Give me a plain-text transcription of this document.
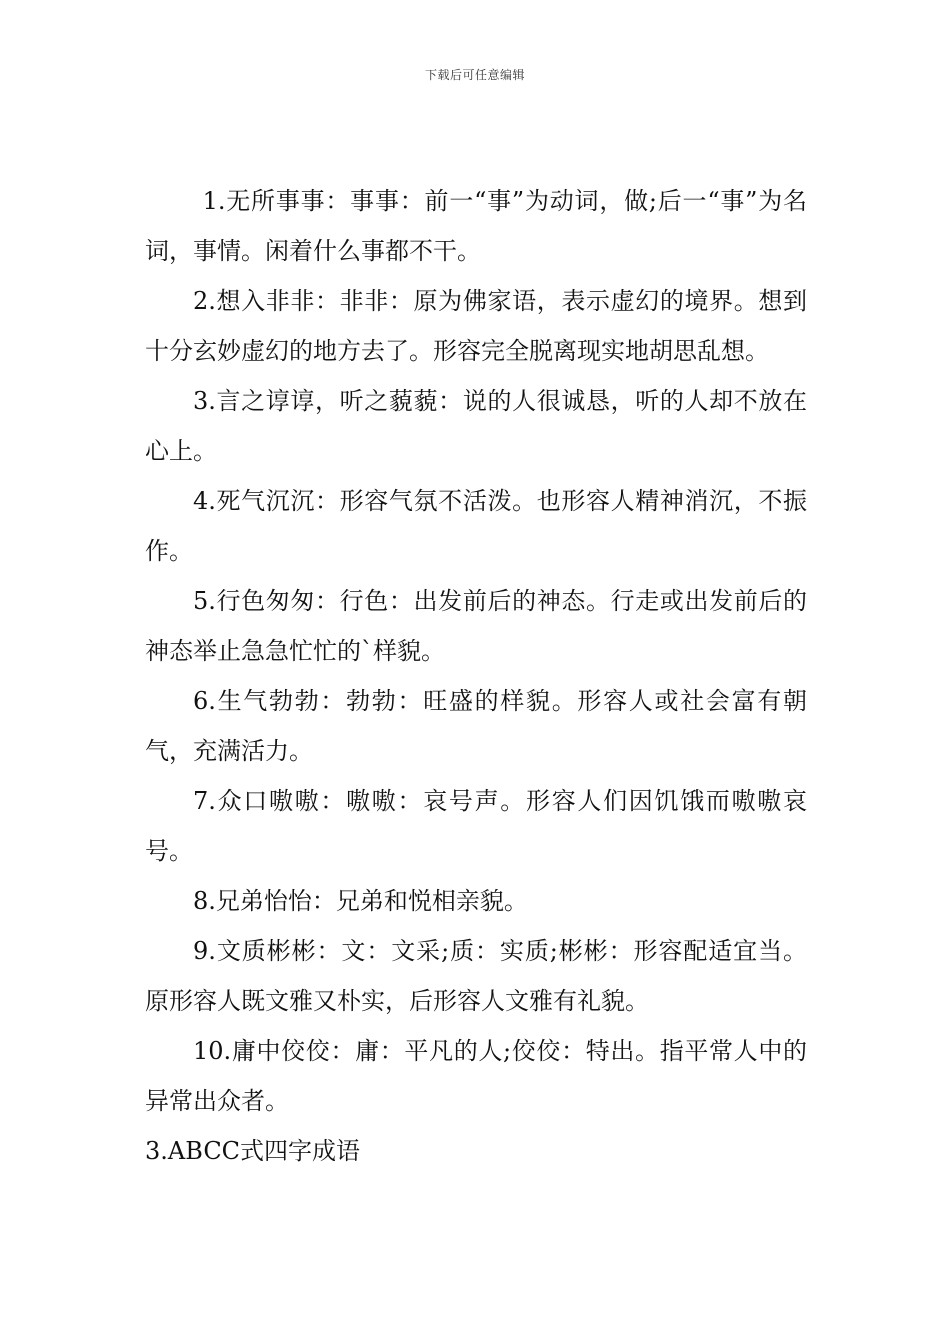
下载后可任意编辑

1.无所事事：事事：前一“事”为动词，做;后一“事”为名词，事情。闲着什么事都不干。

2.想入非非：非非：原为佛家语，表示虚幻的境界。想到十分玄妙虚幻的地方去了。形容完全脱离现实地胡思乱想。

3.言之谆谆，听之藐藐：说的人很诚恳，听的人却不放在心上。

4.死气沉沉：形容气氛不活泼。也形容人精神消沉，不振作。

5.行色匆匆：行色：出发前后的神态。行走或出发前后的神态举止急急忙忙的`样貌。

6.生气勃勃：勃勃：旺盛的样貌。形容人或社会富有朝气，充满活力。

7.众口嗷嗷：嗷嗷：哀号声。形容人们因饥饿而嗷嗷哀号。

8.兄弟怡怡：兄弟和悦相亲貌。

9.文质彬彬：文：文采;质：实质;彬彬：形容配适宜当。原形容人既文雅又朴实，后形容人文雅有礼貌。

10.庸中佼佼：庸：平凡的人;佼佼：特出。指平常人中的异常出众者。

3.ABCC式四字成语
